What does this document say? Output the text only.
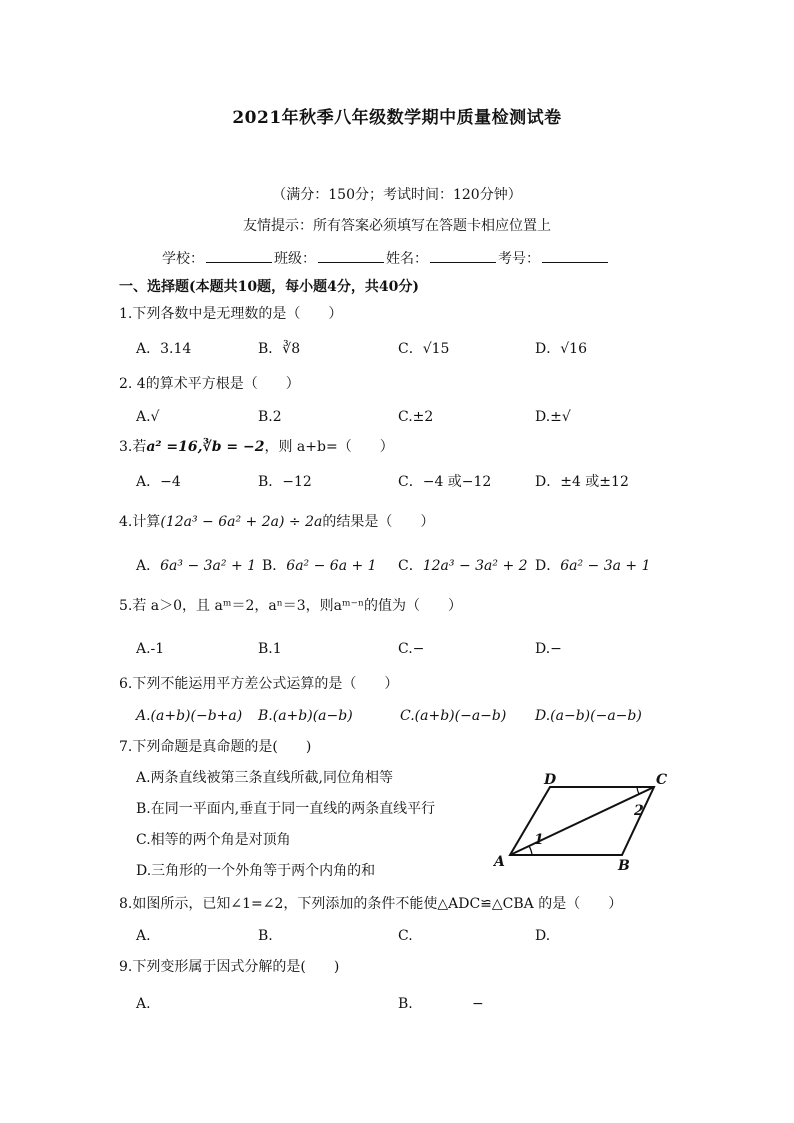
2021年秋季八年级数学期中质量检测试卷
（满分：150分；考试时间：120分钟）
友情提示：所有答案必须填写在答题卡相应位置上
学校：	班级：	姓名：	考号：
一、选择题(本题共10题，每小题4分，共40分)
1.下列各数中是无理数的是（　　）
A．3.14	B．∛8	C．√15	D．√16
2. 4的算术平方根是（　　）
A.√	B.2	C.±2	D.±√
3.若a² =16,∛b = −2，则 a+b=（　　）
A．−4	B．−12	C．−4 或−12	D．±4 或±12
4.计算(12a³ − 6a² + 2a) ÷ 2a的结果是（　　）
A．6a³ − 3a² + 1 B．6a² − 6a + 1 C．12a³ − 3a² + 2 D．6a² − 3a + 1
5.若 a＞0，且 aᵐ＝2，aⁿ＝3，则aᵐ⁻ⁿ的值为（　　）
A.-1	B.1	C.−	D.−
6.下列不能运用平方差公式运算的是（　　）
A.(a+b)(−b+a) B.(a+b)(a−b)	C.(a+b)(−a−b) D.(a−b)(−a−b)
7.下列命题是真命题的是(　　)
A.两条直线被第三条直线所截,同位角相等
B.在同一平面内,垂直于同一直线的两条直线平行
C.相等的两个角是对顶角
D.三角形的一个外角等于两个内角的和
D	C
A	B
1
2
8.如图所示，已知∠1=∠2，下列添加的条件不能使△ADC≌△CBA 的是（　　）
A.	B.	C.	D.
9.下列变形属于因式分解的是(　　)
A.	B.	−
